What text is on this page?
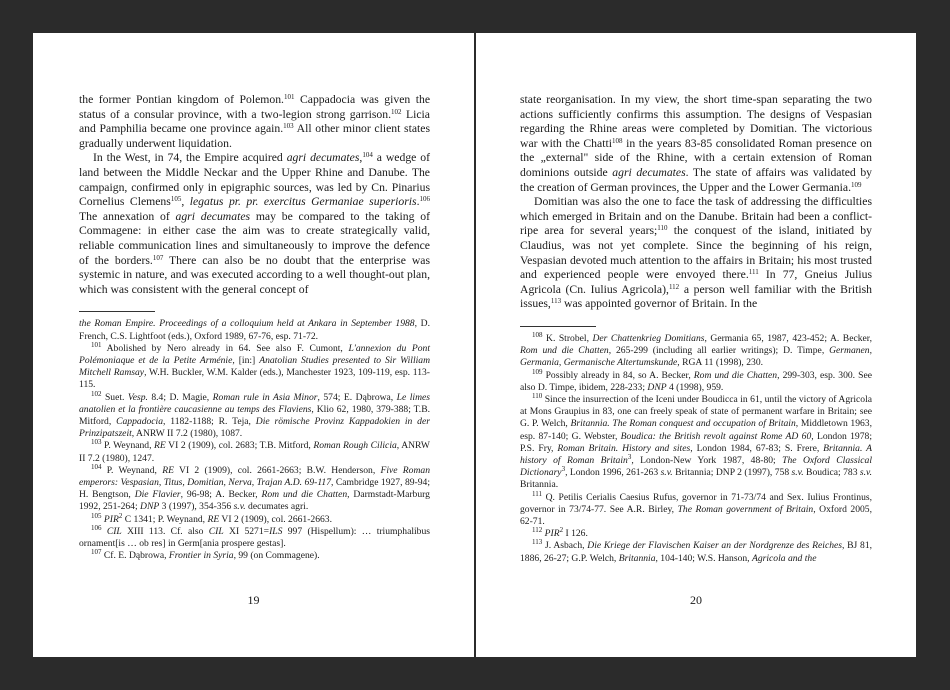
the former Pontian kingdom of Polemon.$^{101}$ Cappadocia was given the status of a consular province, with a two-legion strong garrison.$^{102}$ Licia and Pamphilia became one province again.$^{103}$ All other minor client states gradually underwent liquidation.

In the West, in 74, the Empire acquired agri decumates,$^{104}$ a wedge of land between the Middle Neckar and the Upper Rhine and Danube. The campaign, confirmed only in epigraphic sources, was led by Cn. Pinarius Cornelius Clemens$^{105}$, legatus pr. pr. exercitus Germaniae superioris.$^{106}$ The annexation of agri decumates may be compared to the taking of Commagene: in either case the aim was to create strategically valid, reliable communication lines and simultaneously to improve the defence of the borders.$^{107}$ There can also be no doubt that the enterprise was systemic in nature, and was executed according to a well thought-out plan, which was consistent with the general concept of

the Roman Empire. Proceedings of a colloquium held at Ankara in September 1988, D. French, C.S. Lightfoot (eds.), Oxford 1989, 67-76, esp. 71-72.

$^{101}$ Abolished by Nero already in 64. See also F. Cumont, L'annexion du Pont Polémoniaque et de la Petite Arménie, [in:] Anatolian Studies presented to Sir William Mitchell Ramsay, W.H. Buckler, W.M. Kalder (eds.), Manchester 1923, 109-119, esp. 113-115.

$^{102}$ Suet. Vesp. 8.4; D. Magie, Roman rule in Asia Minor, 574; E. Dąbrowa, Le limes anatolien et la frontière caucasienne au temps des Flaviens, Klio 62, 1980, 379-388; T.B. Mitford, Cappadocia, 1182-1188; R. Teja, Die römische Provinz Kappadokien in der Prinzipatszeit, ANRW II 7.2 (1980), 1087.

$^{103}$ P. Weynand, RE VI 2 (1909), col. 2683; T.B. Mitford, Roman Rough Cilicia, ANRW II 7.2 (1980), 1247.

$^{104}$ P. Weynand, RE VI 2 (1909), col. 2661-2663; B.W. Henderson, Five Roman emperors: Vespasian, Titus, Domitian, Nerva, Trajan A.D. 69-117, Cambridge 1927, 89-94; H. Bengtson, Die Flavier, 96-98; A. Becker, Rom und die Chatten, Darmstadt-Marburg 1992, 251-264; DNP 3 (1997), 354-356 s.v. decumates agri.

$^{105}$ PIR$^2$ C 1341; P. Weynand, RE VI 2 (1909), col. 2661-2663.

$^{106}$ CIL XIII 113. Cf. also CIL XI 5271=ILS 997 (Hispellum): … triumphalibus ornament[is … ob res] in Germ[ania prospere gestas].

$^{107}$ Cf. E. Dąbrowa, Frontier in Syria, 99 (on Commagene).

19

state reorganisation. In my view, the short time-span separating the two actions sufficiently confirms this assumption. The designs of Vespasian regarding the Rhine areas were completed by Domitian. The victorious war with the Chatti$^{108}$ in the years 83-85 consolidated Roman presence on the „external" side of the Rhine, with a certain extension of Roman dominions outside agri decumates. The state of affairs was validated by the creation of German provinces, the Upper and the Lower Germania.$^{109}$

Domitian was also the one to face the task of addressing the difficulties which emerged in Britain and on the Danube. Britain had been a conflict-ripe area for several years;$^{110}$ the conquest of the island, initiated by Claudius, was not yet complete. Since the beginning of his reign, Vespasian devoted much attention to the affairs in Britain; his most trusted and experienced people were envoyed there.$^{111}$ In 77, Gneius Julius Agricola (Cn. Iulius Agricola),$^{112}$ a person well familiar with the British issues,$^{113}$ was appointed governor of Britain. In the

$^{108}$ K. Strobel, Der Chattenkrieg Domitians, Germania 65, 1987, 423-452; A. Becker, Rom und die Chatten, 265-299 (including all earlier writings); D. Timpe, Germanen, Germania, Germanische Altertumskunde, RGA 11 (1998), 230.

$^{109}$ Possibly already in 84, so A. Becker, Rom und die Chatten, 299-303, esp. 300. See also D. Timpe, ibidem, 228-233; DNP 4 (1998), 959.

$^{110}$ Since the insurrection of the Iceni under Boudicca in 61, until the victory of Agricola at Mons Graupius in 83, one can freely speak of state of permanent warfare in Britain; see G. P. Welch, Britannia. The Roman conquest and occupation of Britain, Middletown 1963, esp. 87-140; G. Webster, Boudica: the British revolt against Rome AD 60, London 1978; P.S. Fry, Roman Britain. History and sites, London 1984, 67-83; S. Frere, Britannia. A history of Roman Britain$^3$, London-New York 1987, 48-80; The Oxford Classical Dictionary$^3$, London 1996, 261-263 s.v. Britannia; DNP 2 (1997), 758 s.v. Boudica; 783 s.v. Britannia.

$^{111}$ Q. Petilis Cerialis Caesius Rufus, governor in 71-73/74 and Sex. Iulius Frontinus, governor in 73/74-77. See A.R. Birley, The Roman government of Britain, Oxford 2005, 62-71.

$^{112}$ PIR$^2$ I 126.

$^{113}$ J. Asbach, Die Kriege der Flavischen Kaiser an der Nordgrenze des Reiches, BJ 81, 1886, 26-27; G.P. Welch, Britannia, 104-140; W.S. Hanson, Agricola and the

20
